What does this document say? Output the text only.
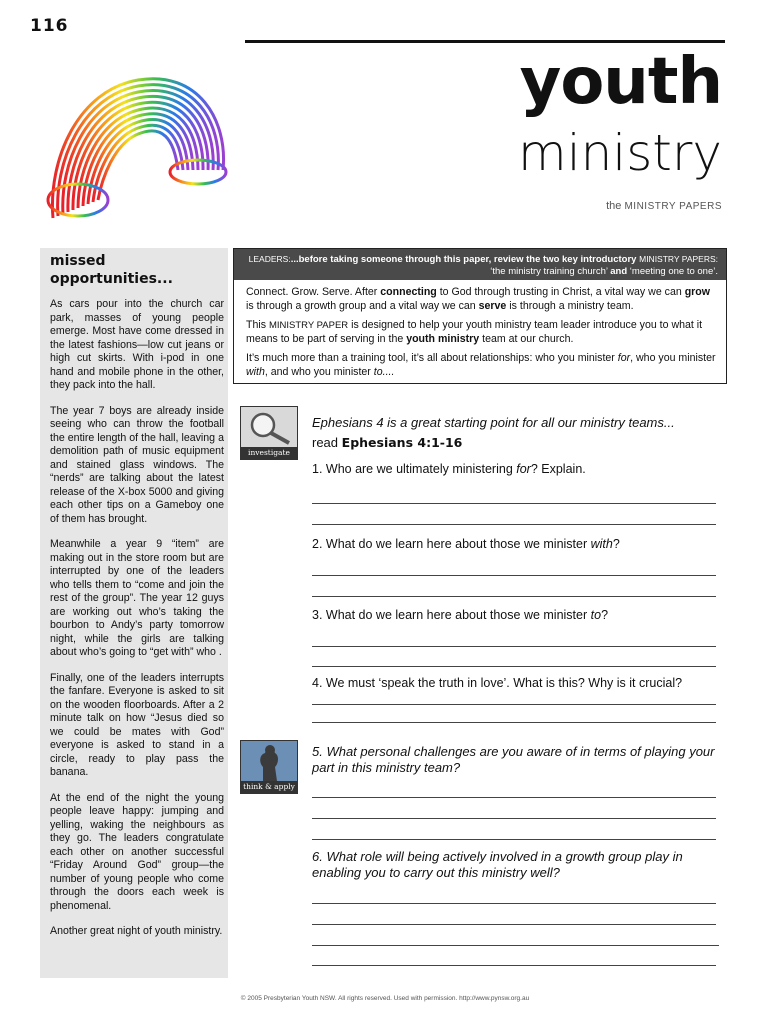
116
youth
ministry
the MINISTRY PAPERS
missed opportunities...

As cars pour into the church car park, masses of young people emerge. Most have come dressed in the latest fashions—low cut jeans or high cut skirts. With i-pod in one hand and mobile phone in the other, they pack into the hall.

The year 7 boys are already inside seeing who can throw the football the entire length of the hall, leaving a demolition path of music equipment and stained glass windows. The “nerds” are talking about the latest release of the X-box 5000 and giving each other tips on a Gameboy one of them has brought.

Meanwhile a year 9 “item” are making out in the store room but are interrupted by one of the leaders who tells them to “come and join the rest of the group”. The year 12 guys are working out who’s taking the bourbon to Andy’s party tomorrow night, while the girls are talking about who’s going to “get with” who .

Finally, one of the leaders interrupts the fanfare. Everyone is asked to sit on the wooden floorboards. After a 2 minute talk on how “Jesus died so we could be mates with God” everyone is asked to stand in a circle, ready to play pass the banana.

At the end of the night the young people leave happy: jumping and yelling, waking the neighbours as they go. The leaders congratulate each other on another successful “Friday Around God” group—the number of young people who come through the doors each week is phenomenal.

Another great night of youth ministry.

LEADERS:...before taking someone through this paper, review the two key introductory MINISTRY PAPERS:
‘the ministry training church’ and ‘meeting one to one’.

Connect. Grow. Serve. After connecting to God through trusting in Christ, a vital way we can grow is through a growth group and a vital way we can serve is through a ministry team.

This MINISTRY PAPER is designed to help your youth ministry team leader introduce you to what it means to be part of serving in the youth ministry team at our church.

It’s much more than a training tool, it’s all about relationships: who you minister for, who you minister with, and who you minister to....

investigate
Ephesians 4 is a great starting point for all our ministry teams...
read Ephesians 4:1-16
1. Who are we ultimately ministering for? Explain.
2. What do we learn here about those we minister with?
3. What do we learn here about those we minister to?
4. We must ‘speak the truth in love’. What is this? Why is it crucial?
think & apply
5. What personal challenges are you aware of in terms of playing your part in this ministry team?
6. What role will being actively involved in a growth group play in enabling you to carry out this ministry well?
© 2005 Presbyterian Youth NSW. All rights reserved. Used with permission. http://www.pynsw.org.au
